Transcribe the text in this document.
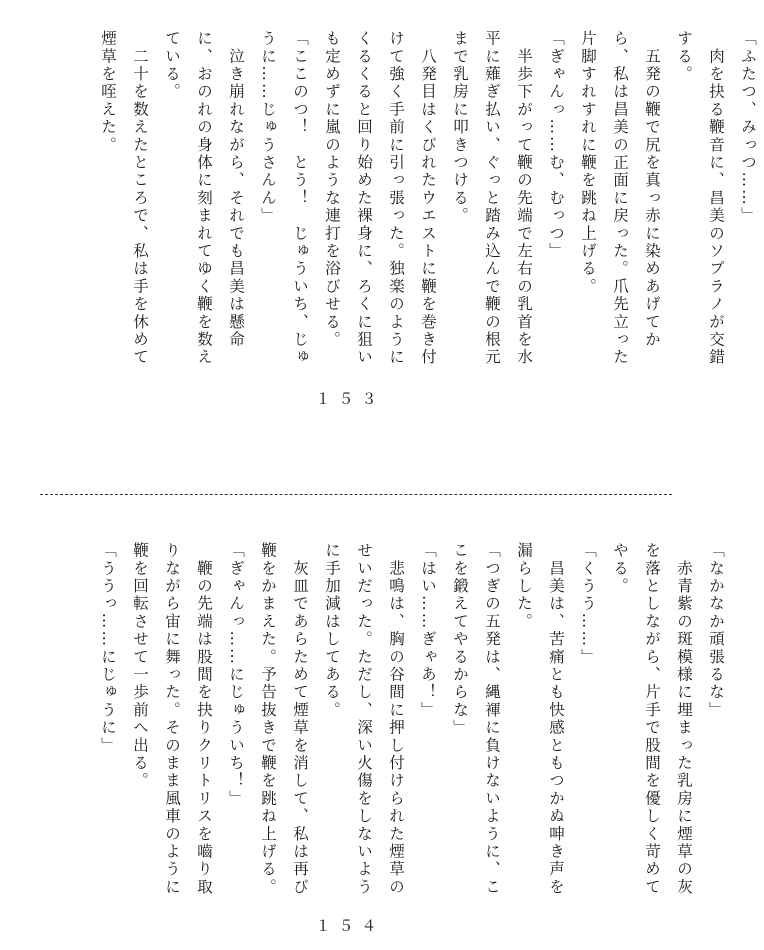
「ふたつ、みっつ……」

　肉を抉る鞭音に、昌美のソプラノが交錯する。

　五発の鞭で尻を真っ赤に染めあげてから、私は昌美の正面に戻った。爪先立った片脚すれすれに鞭を跳ね上げる。

「ぎゃんっ……む、むっつ」

　半歩下がって鞭の先端で左右の乳首を水平に薙ぎ払い、ぐっと踏み込んで鞭の根元まで乳房に叩きつける。

　八発目はくびれたウエストに鞭を巻き付けて強く手前に引っ張った。独楽のようにくるくると回り始めた裸身に、ろくに狙いも定めずに嵐のような連打を浴びせる。

「ここのつ！　とう！　じゅういち、じゅうに……じゅうさんん」

　泣き崩れながら、それでも昌美は懸命に、おのれの身体に刻まれてゆく鞭を数えている。

　二十を数えたところで、私は手を休めて煙草を咥えた。

１５３

「なかなか頑張るな」

　赤青紫の斑模様に埋まった乳房に煙草の灰を落としながら、片手で股間を優しく苛めてやる。

「くうう……」

　昌美は、苦痛とも快感ともつかぬ呻き声を漏らした。

「つぎの五発は、縄褌に負けないように、ここを鍛えてやるからな」

「はい……ぎゃあ！」

　悲鳴は、胸の谷間に押し付けられた煙草のせいだった。ただし、深い火傷をしないように手加減はしてある。

　灰皿であらためて煙草を消して、私は再び鞭をかまえた。予告抜きで鞭を跳ね上げる。

「ぎゃんっ……にじゅういち！」

　鞭の先端は股間を抉りクリトリスを嚙り取りながら宙に舞った。そのまま風車のように鞭を回転させて一歩前へ出る。

「ううっ……にじゅうに」

１５４
